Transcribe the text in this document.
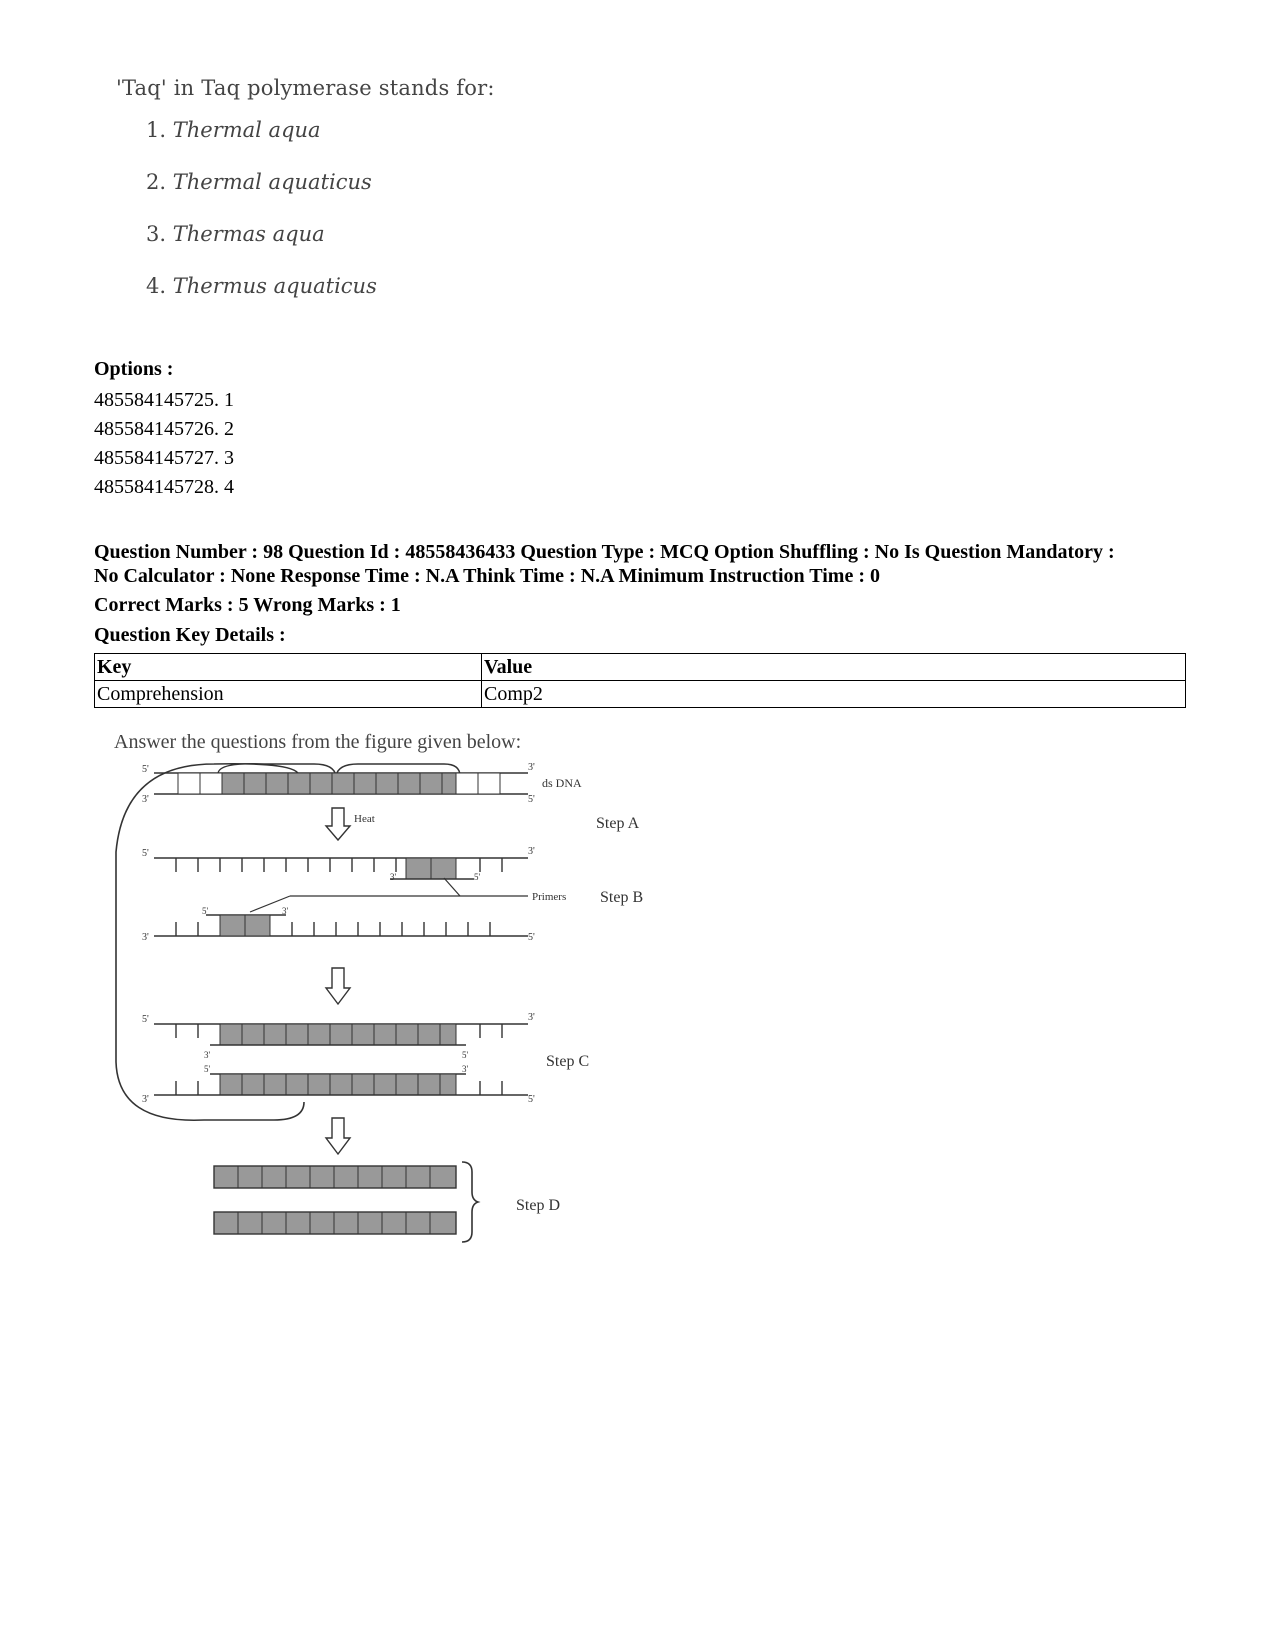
'Taq' in Taq polymerase stands for:
1. Thermal aqua
2. Thermal aquaticus
3. Thermas aqua
4. Thermus aquaticus
Options :
485584145725. 1
485584145726. 2
485584145727. 3
485584145728. 4
Question Number : 98 Question Id : 48558436433 Question Type : MCQ Option Shuffling : No Is Question Mandatory :
No Calculator : None Response Time : N.A Think Time : N.A Minimum Instruction Time : 0
Correct Marks : 5 Wrong Marks : 1
Question Key Details :
Key	Value
Comprehension	Comp2
Answer the questions from the figure given below:
5'
3'
3'
5'
ds DNA
Heat	Step A
5'	3'
3'	5'
Primers Step B
5'	3'
3'	5'
5'	3'
3'	5'	Step C
5'	3'
3'	5'
Step D
